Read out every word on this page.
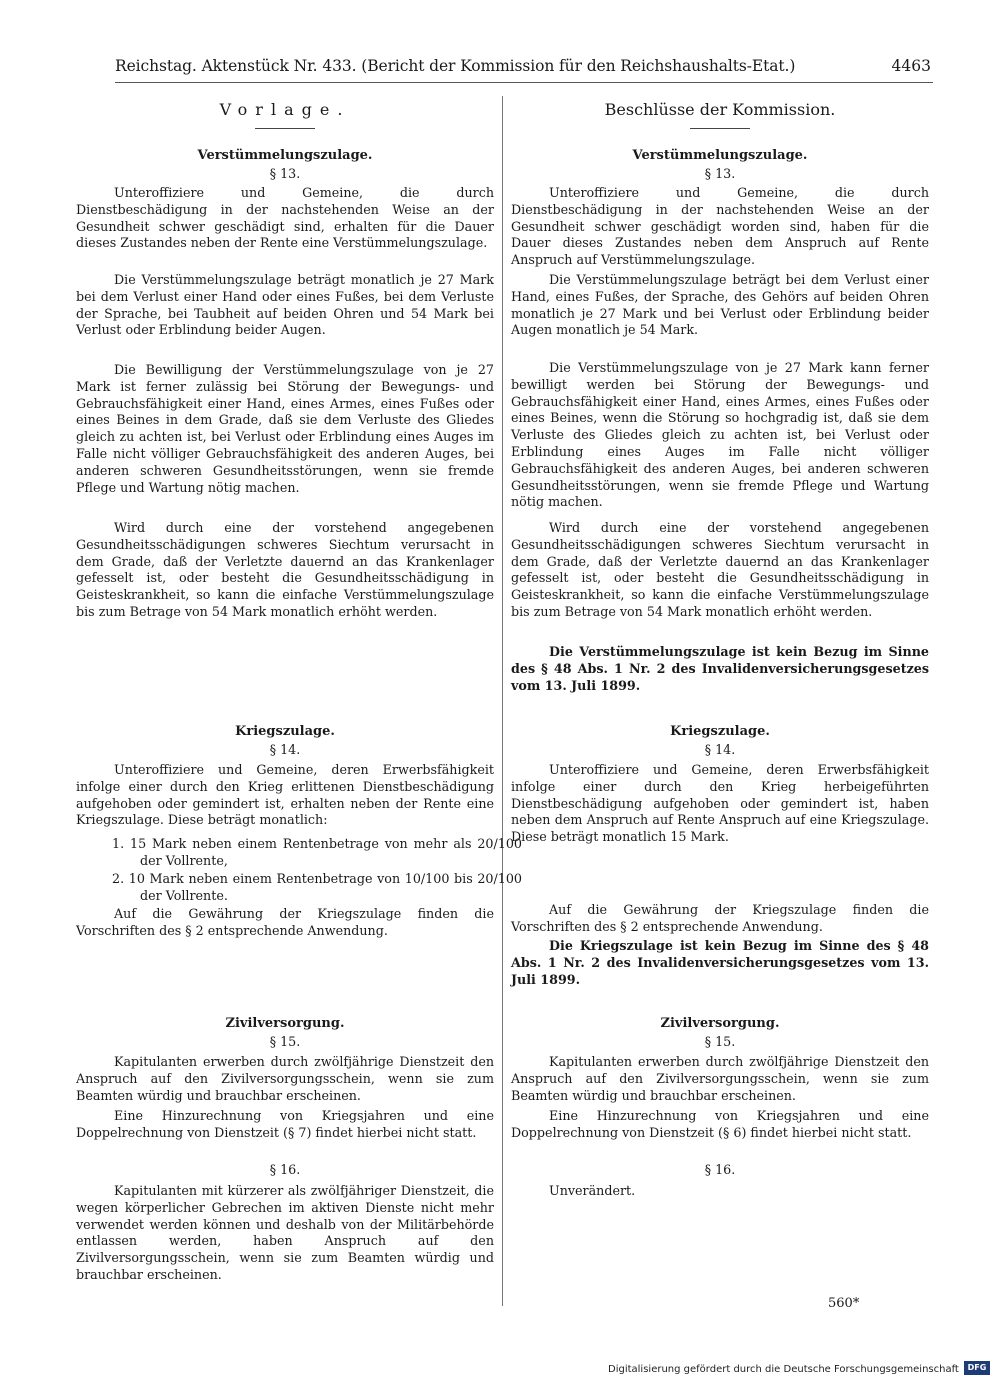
Reichstag. Aktenstück Nr. 433. (Bericht der Kommission für den Reichshaushalts-Etat.)	4463
Vorlage.
Verstümmelungszulage.
§ 13.

Unteroffiziere und Gemeine, die durch Dienstbeschädigung in der nachstehenden Weise an der Gesundheit schwer geschädigt sind, erhalten für die Dauer dieses Zustandes neben der Rente eine Verstümmelungszulage.

Die Verstümmelungszulage beträgt monatlich je 27 Mark bei dem Verlust einer Hand oder eines Fußes, bei dem Verluste der Sprache, bei Taubheit auf beiden Ohren und 54 Mark bei Verlust oder Erblindung beider Augen.

Die Bewilligung der Verstümmelungszulage von je 27 Mark ist ferner zulässig bei Störung der Bewegungs- und Gebrauchsfähigkeit einer Hand, eines Armes, eines Fußes oder eines Beines in dem Grade, daß sie dem Verluste des Gliedes gleich zu achten ist, bei Verlust oder Erblindung eines Auges im Falle nicht völliger Gebrauchsfähigkeit des anderen Auges, bei anderen schweren Gesundheitsstörungen, wenn sie fremde Pflege und Wartung nötig machen.

Wird durch eine der vorstehend angegebenen Gesundheitsschädigungen schweres Siechtum verursacht in dem Grade, daß der Verletzte dauernd an das Krankenlager gefesselt ist, oder besteht die Gesundheitsschädigung in Geisteskrankheit, so kann die einfache Verstümmelungszulage bis zum Betrage von 54 Mark monatlich erhöht werden.

Kriegszulage.
§ 14.

Unteroffiziere und Gemeine, deren Erwerbsfähigkeit infolge einer durch den Krieg erlittenen Dienstbeschädigung aufgehoben oder gemindert ist, erhalten neben der Rente eine Kriegszulage. Diese beträgt monatlich:

1. 15 Mark neben einem Rentenbetrage von mehr als 20/100 der Vollrente,

2. 10 Mark neben einem Rentenbetrage von 10/100 bis 20/100 der Vollrente.

Auf die Gewährung der Kriegszulage finden die Vorschriften des § 2 entsprechende Anwendung.

Zivilversorgung.
§ 15.

Kapitulanten erwerben durch zwölfjährige Dienstzeit den Anspruch auf den Zivilversorgungsschein, wenn sie zum Beamten würdig und brauchbar erscheinen.

Eine Hinzurechnung von Kriegsjahren und eine Doppelrechnung von Dienstzeit (§ 7) findet hierbei nicht statt.

§ 16.

Kapitulanten mit kürzerer als zwölfjähriger Dienstzeit, die wegen körperlicher Gebrechen im aktiven Dienste nicht mehr verwendet werden können und deshalb von der Militärbehörde entlassen werden, haben Anspruch auf den Zivilversorgungsschein, wenn sie zum Beamten würdig und brauchbar erscheinen.

Beschlüsse der Kommission.
Verstümmelungszulage.
§ 13.

Unteroffiziere und Gemeine, die durch Dienstbeschädigung in der nachstehenden Weise an der Gesundheit schwer geschädigt worden sind, haben für die Dauer dieses Zustandes neben dem Anspruch auf Rente Anspruch auf Verstümmelungszulage.

Die Verstümmelungszulage beträgt bei dem Verlust einer Hand, eines Fußes, der Sprache, des Gehörs auf beiden Ohren monatlich je 27 Mark und bei Verlust oder Erblindung beider Augen monatlich je 54 Mark.

Die Verstümmelungszulage von je 27 Mark kann ferner bewilligt werden bei Störung der Bewegungs- und Gebrauchsfähigkeit einer Hand, eines Armes, eines Fußes oder eines Beines, wenn die Störung so hochgradig ist, daß sie dem Verluste des Gliedes gleich zu achten ist, bei Verlust oder Erblindung eines Auges im Falle nicht völliger Gebrauchsfähigkeit des anderen Auges, bei anderen schweren Gesundheitsstörungen, wenn sie fremde Pflege und Wartung nötig machen.

Wird durch eine der vorstehend angegebenen Gesundheitsschädigungen schweres Siechtum verursacht in dem Grade, daß der Verletzte dauernd an das Krankenlager gefesselt ist, oder besteht die Gesundheitsschädigung in Geisteskrankheit, so kann die einfache Verstümmelungszulage bis zum Betrage von 54 Mark monatlich erhöht werden.

Die Verstümmelungszulage ist kein Bezug im Sinne des § 48 Abs. 1 Nr. 2 des Invalidenversicherungsgesetzes vom 13. Juli 1899.

Kriegszulage.
§ 14.

Unteroffiziere und Gemeine, deren Erwerbsfähigkeit infolge einer durch den Krieg herbeigeführten Dienstbeschädigung aufgehoben oder gemindert ist, haben neben dem Anspruch auf Rente Anspruch auf eine Kriegszulage. Diese beträgt monatlich 15 Mark.

Auf die Gewährung der Kriegszulage finden die Vorschriften des § 2 entsprechende Anwendung.

Die Kriegszulage ist kein Bezug im Sinne des § 48 Abs. 1 Nr. 2 des Invalidenversicherungsgesetzes vom 13. Juli 1899.

Zivilversorgung.
§ 15.

Kapitulanten erwerben durch zwölfjährige Dienstzeit den Anspruch auf den Zivilversorgungsschein, wenn sie zum Beamten würdig und brauchbar erscheinen.

Eine Hinzurechnung von Kriegsjahren und eine Doppelrechnung von Dienstzeit (§ 6) findet hierbei nicht statt.

§ 16.

Unverändert.

560*
Digitalisierung gefördert durch die Deutsche Forschungsgemeinschaft	DFG
